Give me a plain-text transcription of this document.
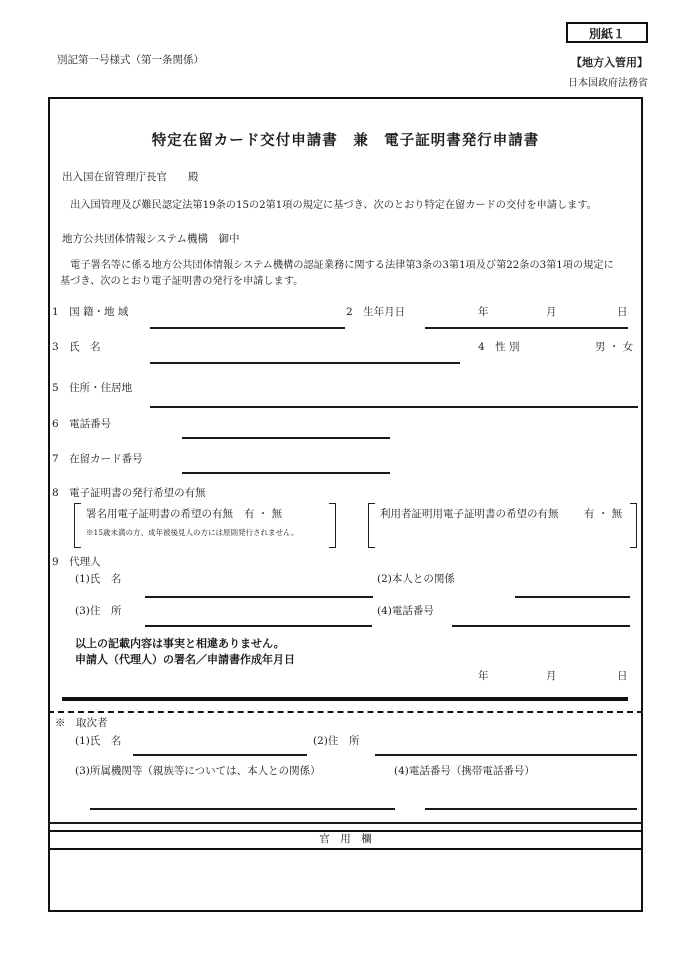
別紙１
別記第一号様式（第一条関係）	【地方入管用】
日本国政府法務省
特定在留カード交付申請書　兼　電子証明書発行申請書
出入国在留管理庁長官　　殿
　出入国管理及び難民認定法第19条の15の2第1項の規定に基づき、次のとおり特定在留カードの交付を申請します。
地方公共団体情報システム機構　御中
　電子署名等に係る地方公共団体情報システム機構の認証業務に関する法律第3条の3第1項及び第22条の3第1項の規定に
基づき、次のとおり電子証明書の発行を申請します。
1　国 籍・地 域	2　生年月日	年	月	日
3　氏　名	4　性 別	男 ・ 女
5　住所・住居地
6　電話番号
7　在留カード番号
8　電子証明書の発行希望の有無
署名用電子証明書の希望の有無 有 ・ 無
※15歳未満の方、成年被後見人の方には原則発行されません。
利用者証明用電子証明書の希望の有無 有 ・ 無
9　代理人
(1)氏　名	(2)本人との関係
(3)住　所	(4)電話番号
以上の記載内容は事実と相違ありません。
申請人（代理人）の署名／申請書作成年月日
年	月	日
※　取次者
(1)氏　名	(2)住　所
(3)所属機関等（親族等については、本人との関係）	(4)電話番号（携帯電話番号）
官　用　欄
